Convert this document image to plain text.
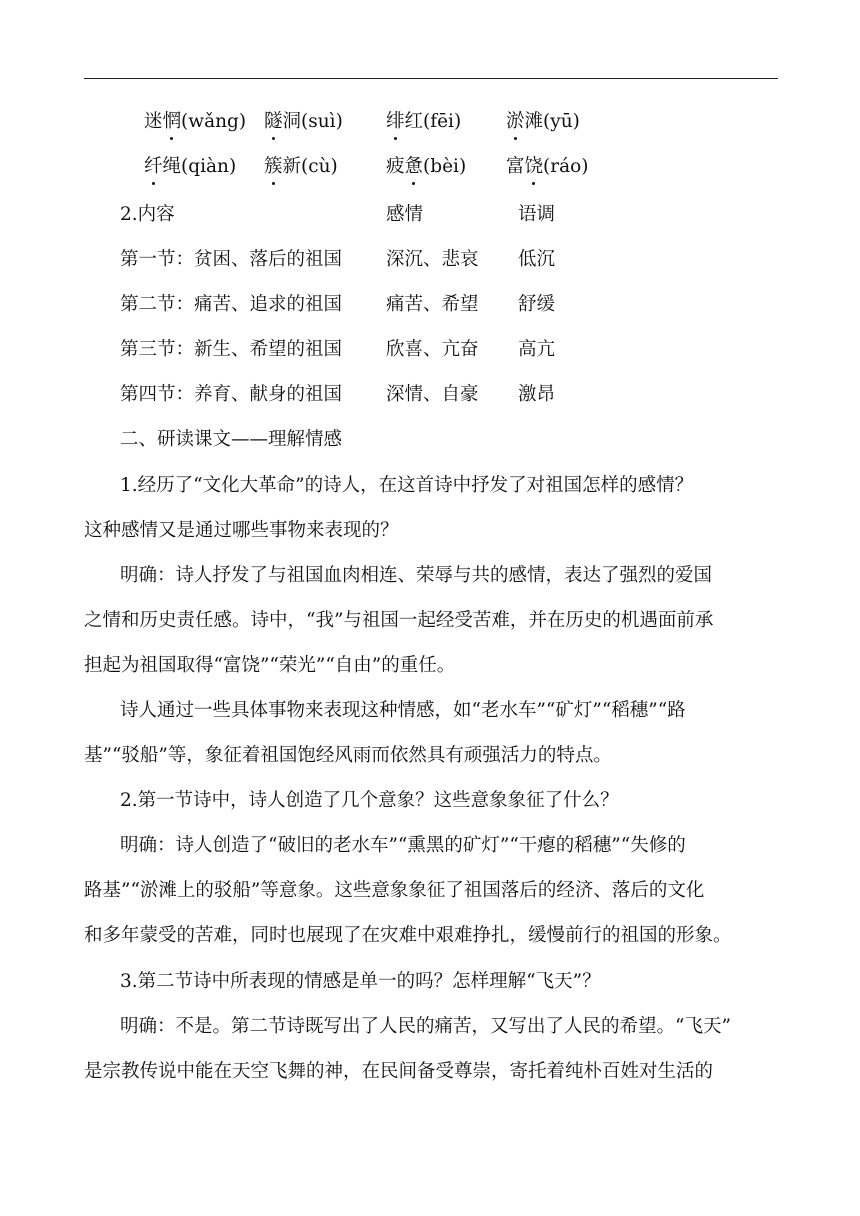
迷惘(wǎng) 隧洞(suì) 绯红(fēi) 淤滩(yū)
纤绳(qiàn) 簇新(cù)	疲惫(bèi) 富饶(ráo)
2.内容	感情	语调
第一节：贫困、落后的祖国 深沉、悲哀 低沉
第二节：痛苦、追求的祖国 痛苦、希望 舒缓
第三节：新生、希望的祖国 欣喜、亢奋 高亢
第四节：养育、献身的祖国 深情、自豪 激昂
二、研读课文——理解情感
1.经历了“文化大革命”的诗人，在这首诗中抒发了对祖国怎样的感情？
这种感情又是通过哪些事物来表现的？
明确：诗人抒发了与祖国血肉相连、荣辱与共的感情，表达了强烈的爱国
之情和历史责任感。诗中，“我”与祖国一起经受苦难，并在历史的机遇面前承
担起为祖国取得“富饶”“荣光”“自由”的重任。
诗人通过一些具体事物来表现这种情感，如“老水车”“矿灯”“稻穗”“路
基”“驳船”等，象征着祖国饱经风雨而依然具有顽强活力的特点。
2.第一节诗中，诗人创造了几个意象？这些意象象征了什么？
明确：诗人创造了“破旧的老水车”“熏黑的矿灯”“干瘪的稻穗”“失修的
路基”“淤滩上的驳船”等意象。这些意象象征了祖国落后的经济、落后的文化
和多年蒙受的苦难，同时也展现了在灾难中艰难挣扎，缓慢前行的祖国的形象。
3.第二节诗中所表现的情感是单一的吗？怎样理解“飞天”？
明确：不是。第二节诗既写出了人民的痛苦，又写出了人民的希望。“飞天”
是宗教传说中能在天空飞舞的神，在民间备受尊崇，寄托着纯朴百姓对生活的
